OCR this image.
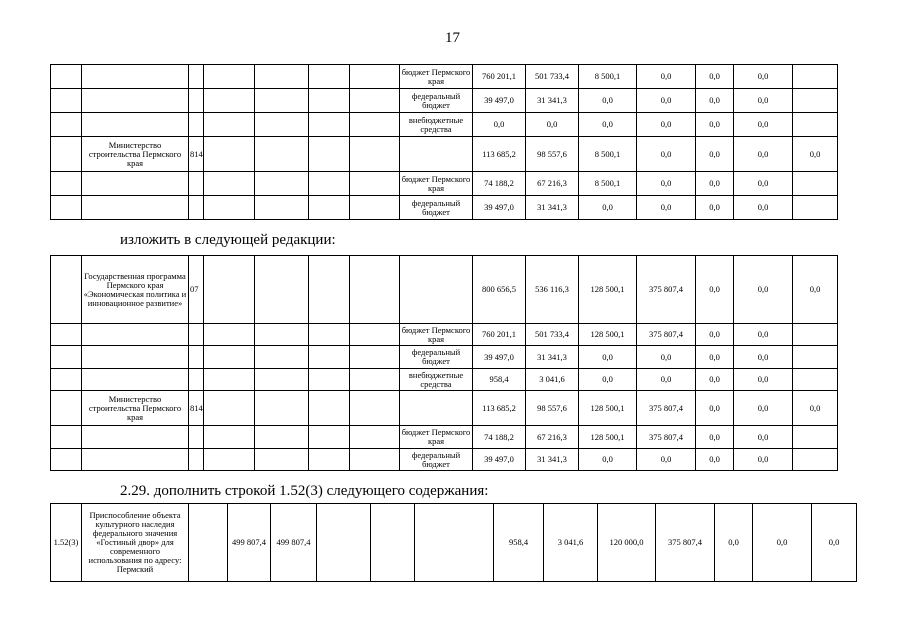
17
							бюджет Пермского края	760 201,1	501 733,4	8 500,1	0,0	0,0	0,0	
							федеральный бюджет	39 497,0	31 341,3	0,0	0,0	0,0	0,0	
							внебюджетные средства	0,0	0,0	0,0	0,0	0,0	0,0	
	Министерство строительства Пермского края	814						113 685,2	98 557,6	8 500,1	0,0	0,0	0,0	0,0
							бюджет Пермского края	74 188,2	67 216,3	8 500,1	0,0	0,0	0,0	
							федеральный бюджет	39 497,0	31 341,3	0,0	0,0	0,0	0,0	
изложить в следующей редакции:
	Государственная программа Пермского края «Экономическая политика и инновационное развитие»	07						800 656,5	536 116,3	128 500,1	375 807,4	0,0	0,0	0,0
							бюджет Пермского края	760 201,1	501 733,4	128 500,1	375 807,4	0,0	0,0	
							федеральный бюджет	39 497,0	31 341,3	0,0	0,0	0,0	0,0	
							внебюджетные средства	958,4	3 041,6	0,0	0,0	0,0	0,0	
	Министерство строительства Пермского края	814						113 685,2	98 557,6	128 500,1	375 807,4	0,0	0,0	0,0
							бюджет Пермского края	74 188,2	67 216,3	128 500,1	375 807,4	0,0	0,0	
							федеральный бюджет	39 497,0	31 341,3	0,0	0,0	0,0	0,0	
2.29. дополнить строкой 1.52(3) следующего содержания:
1.52(3)	Приспособление объекта культурного наследия федерального значения «Гостиный двор» для современного использования по адресу: Пермский		499 807,4	499 807,4				958,4	3 041,6	120 000,0	375 807,4	0,0	0,0	0,0
